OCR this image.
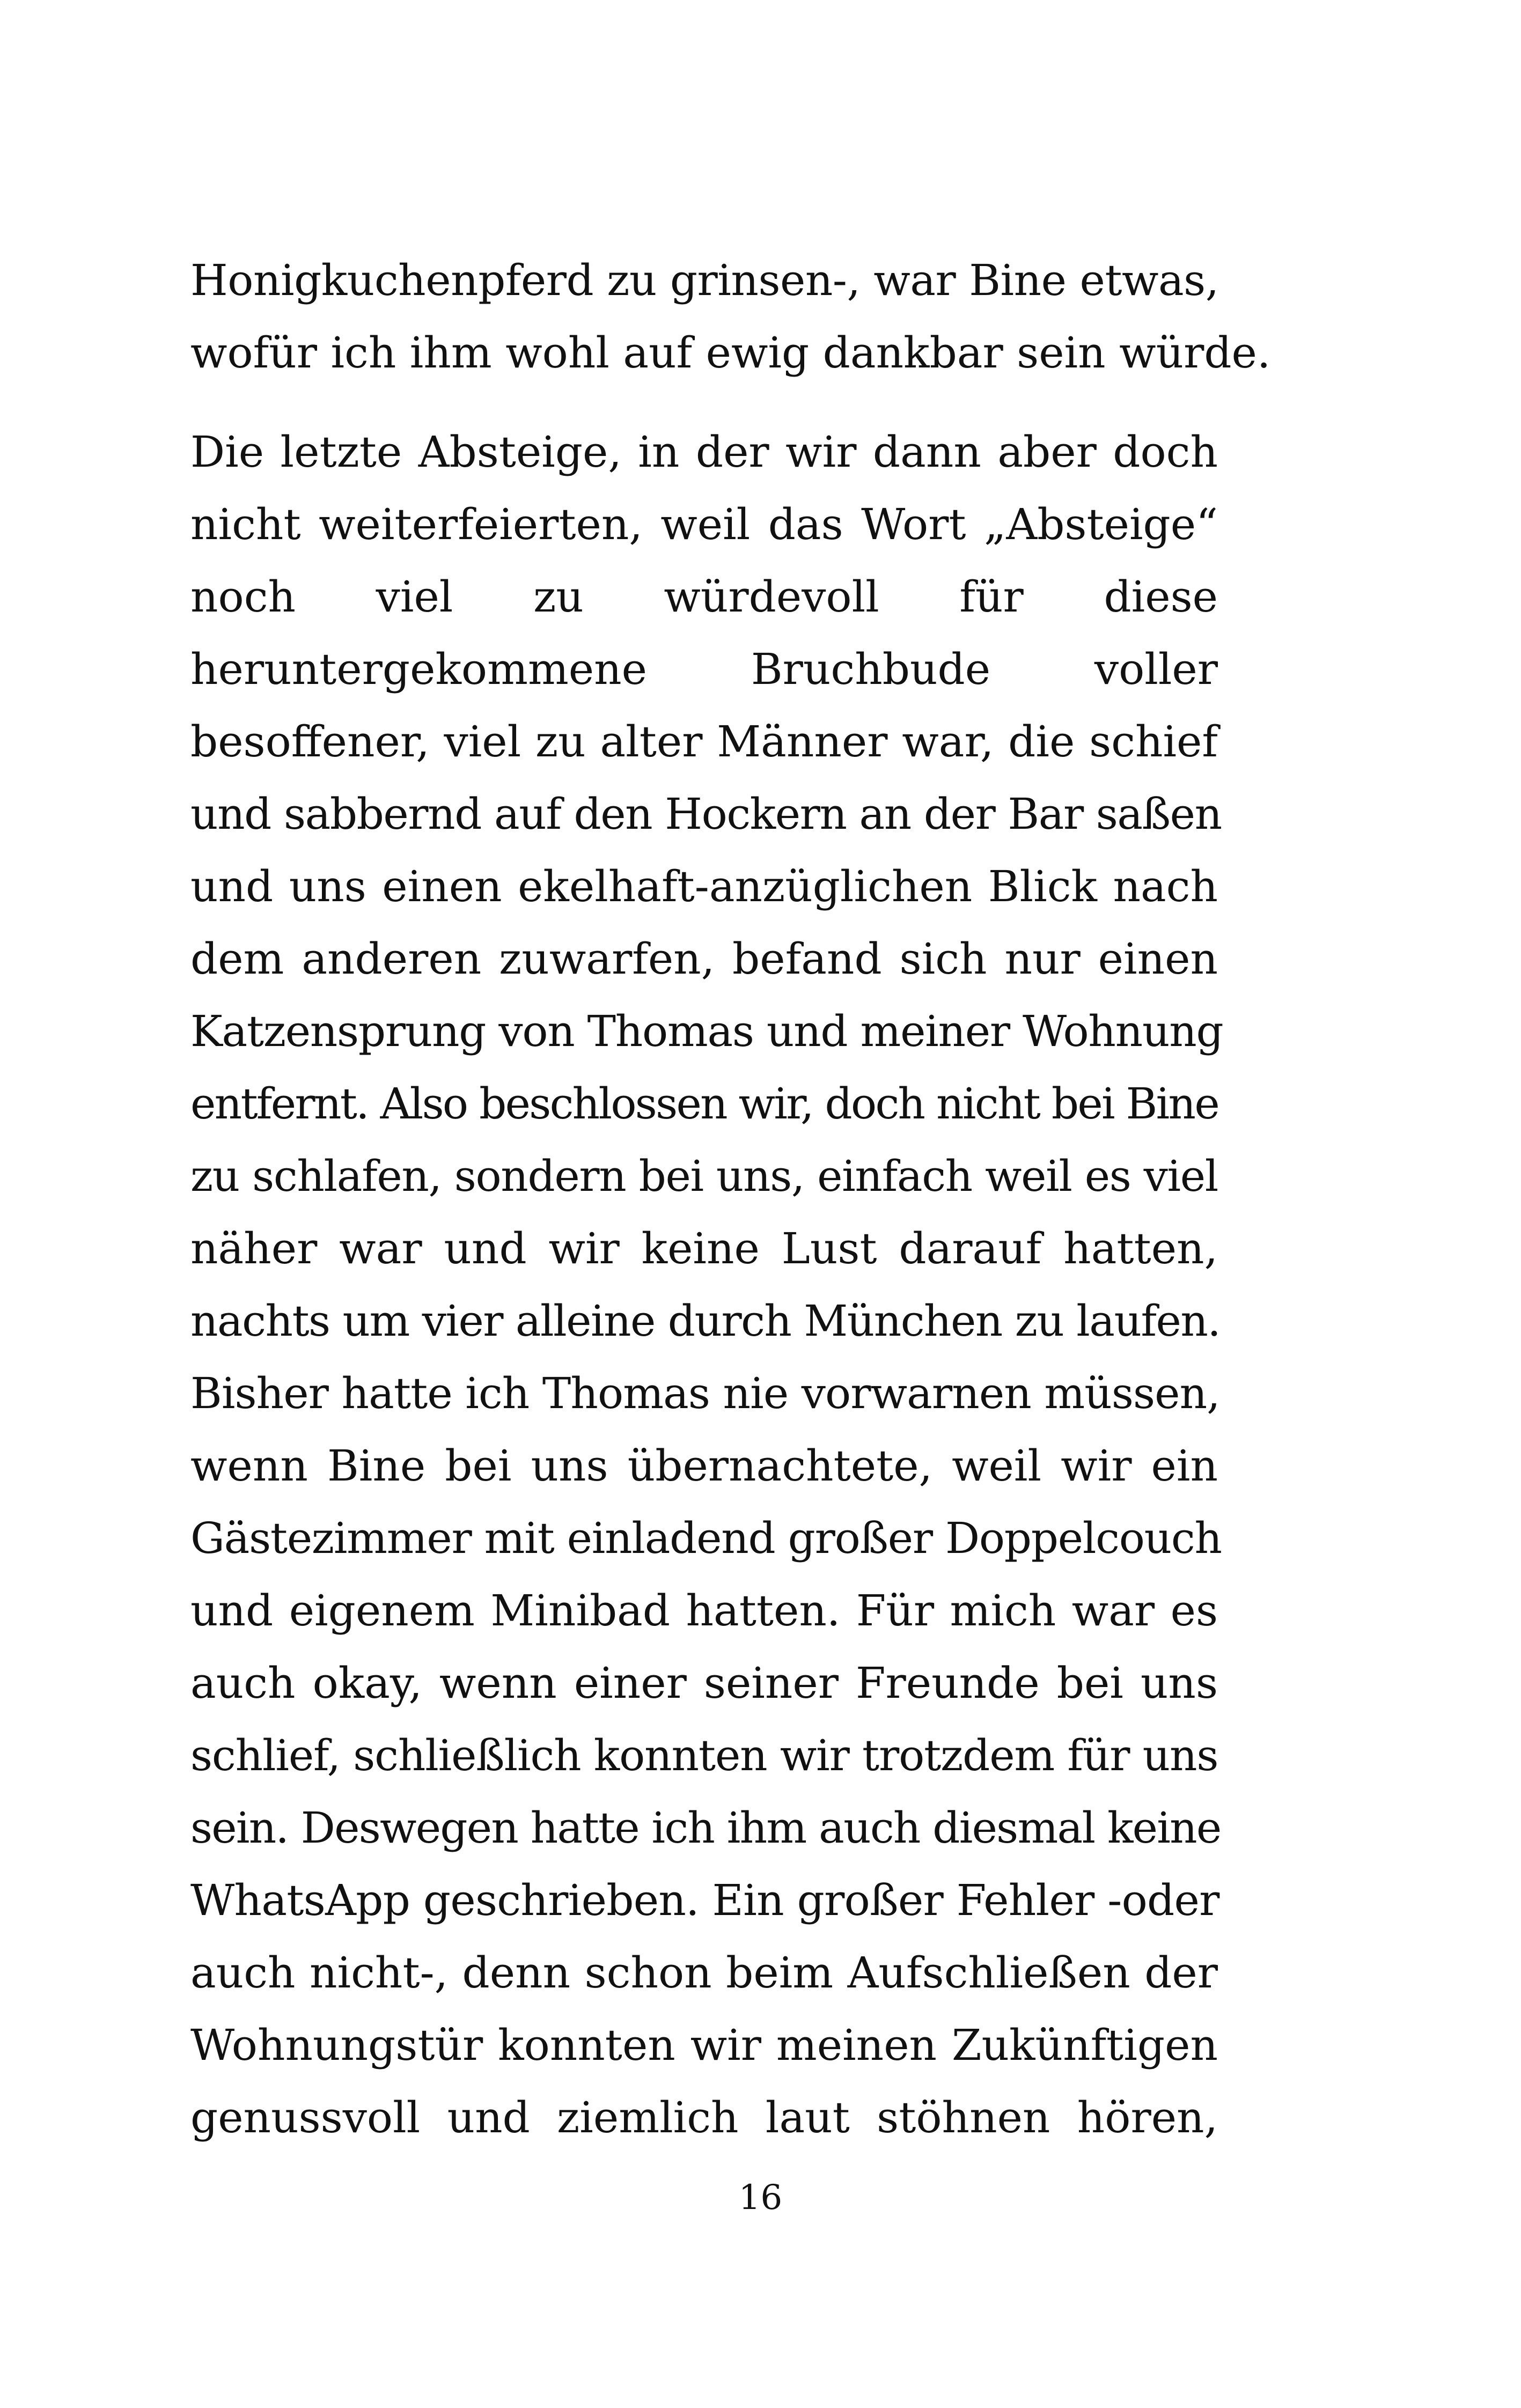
Honigkuchenpferd zu grinsen-, war Bine etwas,
wofür ich ihm wohl auf ewig dankbar sein würde.

Die letzte Absteige, in der wir dann aber doch
nicht weiterfeierten, weil das Wort „Absteige“
noch viel zu würdevoll für diese
heruntergekommene Bruchbude voller
besoffener, viel zu alter Männer war, die schief
und sabbernd auf den Hockern an der Bar saßen
und uns einen ekelhaft-anzüglichen Blick nach
dem anderen zuwarfen, befand sich nur einen
Katzensprung von Thomas und meiner Wohnung
entfernt. Also beschlossen wir, doch nicht bei Bine
zu schlafen, sondern bei uns, einfach weil es viel
näher war und wir keine Lust darauf hatten,
nachts um vier alleine durch München zu laufen.
Bisher hatte ich Thomas nie vorwarnen müssen,
wenn Bine bei uns übernachtete, weil wir ein
Gästezimmer mit einladend großer Doppelcouch
und eigenem Minibad hatten. Für mich war es
auch okay, wenn einer seiner Freunde bei uns
schlief, schließlich konnten wir trotzdem für uns
sein. Deswegen hatte ich ihm auch diesmal keine
WhatsApp geschrieben. Ein großer Fehler -oder
auch nicht-, denn schon beim Aufschließen der
Wohnungstür konnten wir meinen Zukünftigen
genussvoll und ziemlich laut stöhnen hören,

16
